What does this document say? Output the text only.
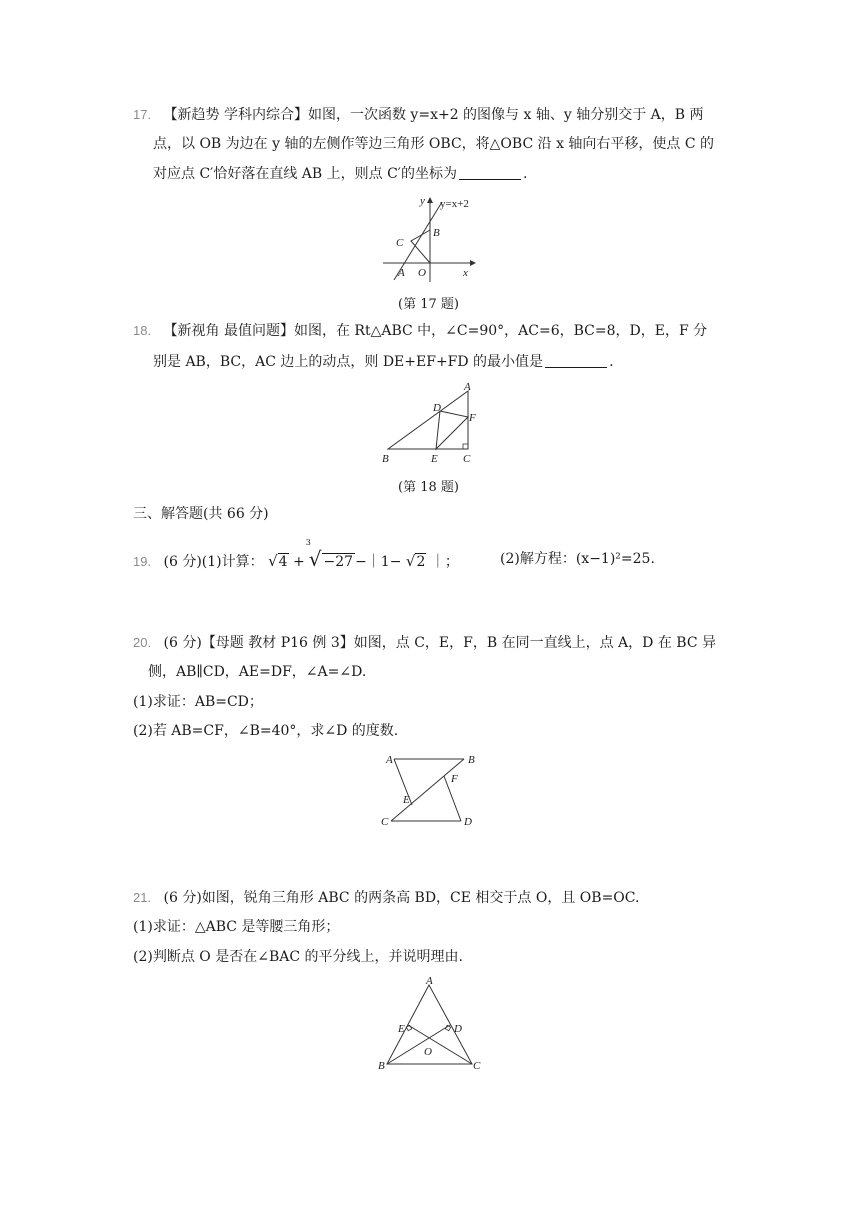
17. 【新趋势 学科内综合】如图，一次函数 y=x+2 的图像与 x 轴、y 轴分别交于 A，B 两
点，以 OB 为边在 y 轴的左侧作等边三角形 OBC，将△OBC 沿 x 轴向右平移，使点 C 的
对应点 C′恰好落在直线 AB 上，则点 C′的坐标为	.
y y=x+2
B
C
A O	x
(第 17 题)
18. 【新视角 最值问题】如图，在 Rt△ABC 中，∠C=90°，AC=6，BC=8，D，E，F 分
别是 AB，BC，AC 边上的动点，则 DE+EF+FD 的最小值是	.
A
D
F
B	E C
(第 18 题)
三、解答题(共 66 分)
19. (6 分)(1)计算： √4 +
3
√ −27 −｜1− √2 ｜；	(2)解方程：(x−1)²=25.
20. (6 分)【母题 教材 P16 例 3】如图，点 C，E，F，B 在同一直线上，点 A，D 在 BC 异
侧，AB∥CD，AE=DF，∠A=∠D.
(1)求证：AB=CD；
(2)若 AB=CF，∠B=40°，求∠D 的度数.
A	B
F
E
C	D
21. (6 分)如图，锐角三角形 ABC 的两条高 BD，CE 相交于点 O，且 OB=OC.
(1)求证：△ABC 是等腰三角形；
(2)判断点 O 是否在∠BAC 的平分线上，并说明理由.
A
E	D
O
B	C
